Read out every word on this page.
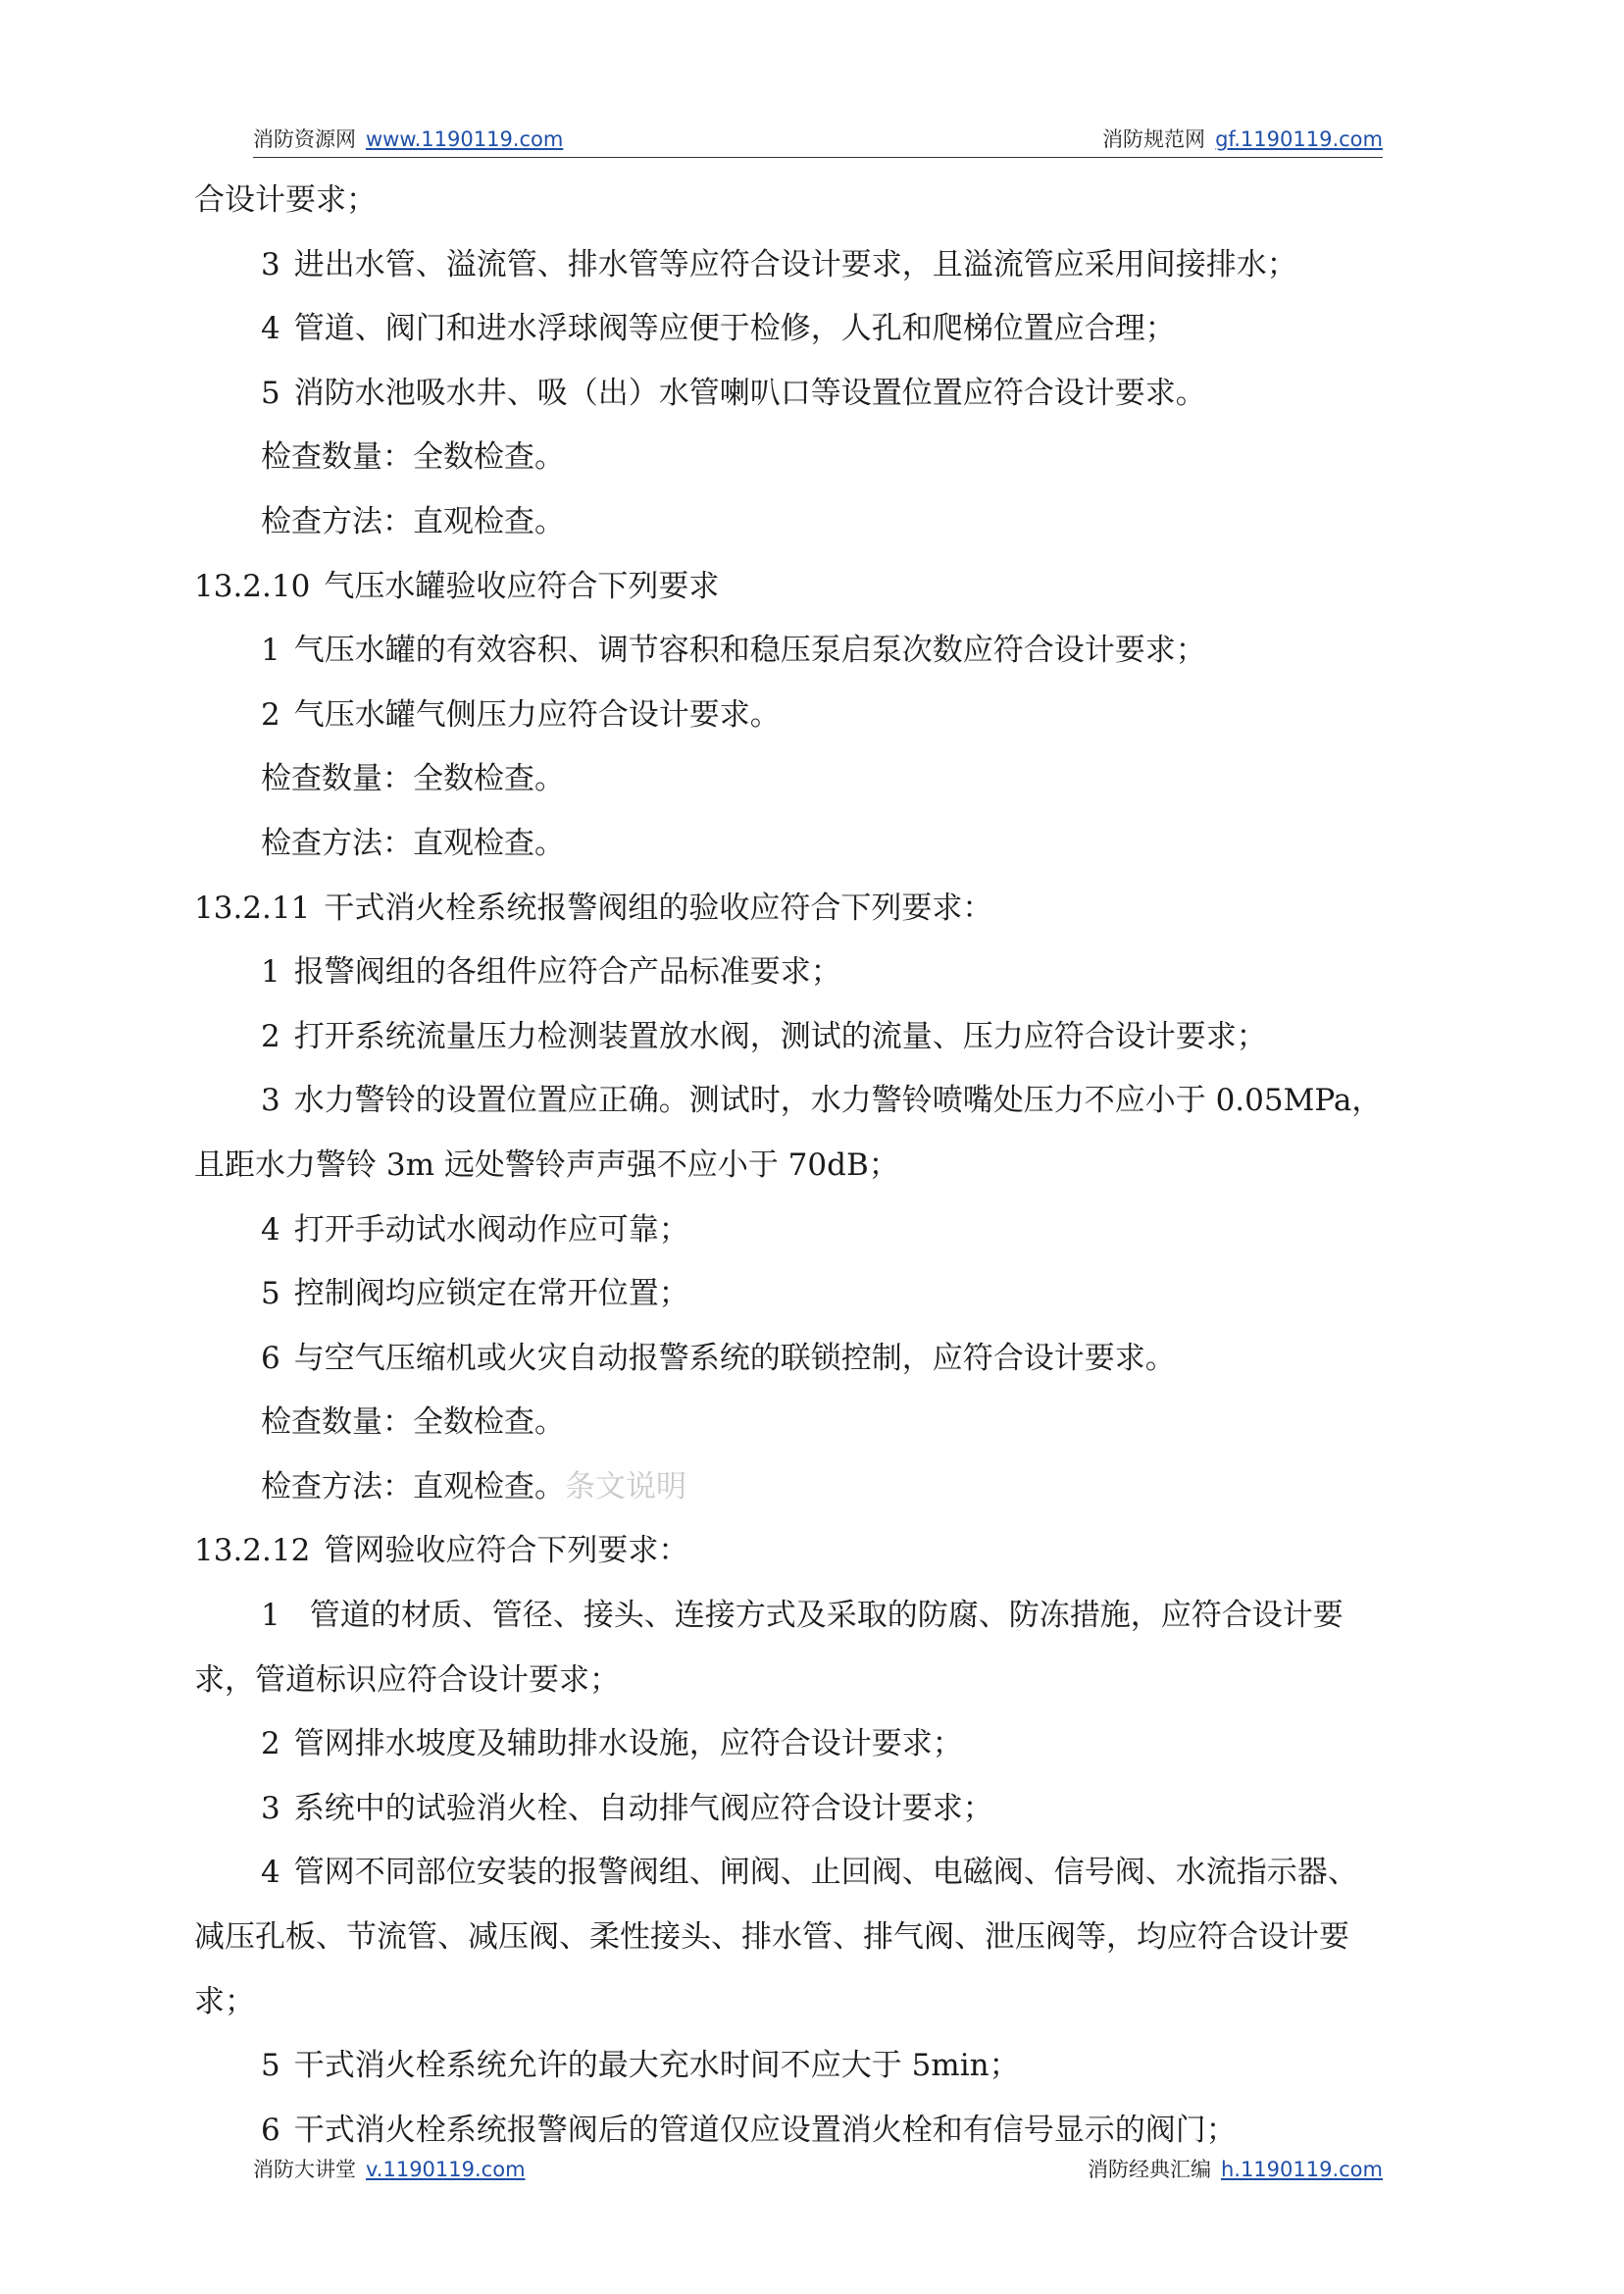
消防资源网 www.1190119.com	消防规范网 gf.1190119.com
合设计要求；
3 进出水管、溢流管、排水管等应符合设计要求，且溢流管应采用间接排水；
4 管道、阀门和进水浮球阀等应便于检修，人孔和爬梯位置应合理；
5 消防水池吸水井、吸（出）水管喇叭口等设置位置应符合设计要求。
检查数量：全数检查。
检查方法：直观检查。
13.2.10 气压水罐验收应符合下列要求
1 气压水罐的有效容积、调节容积和稳压泵启泵次数应符合设计要求；
2 气压水罐气侧压力应符合设计要求。
检查数量：全数检查。
检查方法：直观检查。
13.2.11 干式消火栓系统报警阀组的验收应符合下列要求：
1 报警阀组的各组件应符合产品标准要求；
2 打开系统流量压力检测装置放水阀，测试的流量、压力应符合设计要求；
3 水力警铃的设置位置应正确。测试时，水力警铃喷嘴处压力不应小于 0.05MPa，
且距水力警铃 3m 远处警铃声声强不应小于 70dB；
4 打开手动试水阀动作应可靠；
5 控制阀均应锁定在常开位置；
6 与空气压缩机或火灾自动报警系统的联锁控制，应符合设计要求。
检查数量：全数检查。
检查方法：直观检查。条文说明
13.2.12 管网验收应符合下列要求：
1 管道的材质、管径、接头、连接方式及采取的防腐、防冻措施，应符合设计要
求，管道标识应符合设计要求；
2 管网排水坡度及辅助排水设施，应符合设计要求；
3 系统中的试验消火栓、自动排气阀应符合设计要求；
4 管网不同部位安装的报警阀组、闸阀、止回阀、电磁阀、信号阀、水流指示器、
减压孔板、节流管、减压阀、柔性接头、排水管、排气阀、泄压阀等，均应符合设计要
求；
5 干式消火栓系统允许的最大充水时间不应大于 5min；
6 干式消火栓系统报警阀后的管道仅应设置消火栓和有信号显示的阀门；
消防大讲堂 v.1190119.com	消防经典汇编 h.1190119.com
